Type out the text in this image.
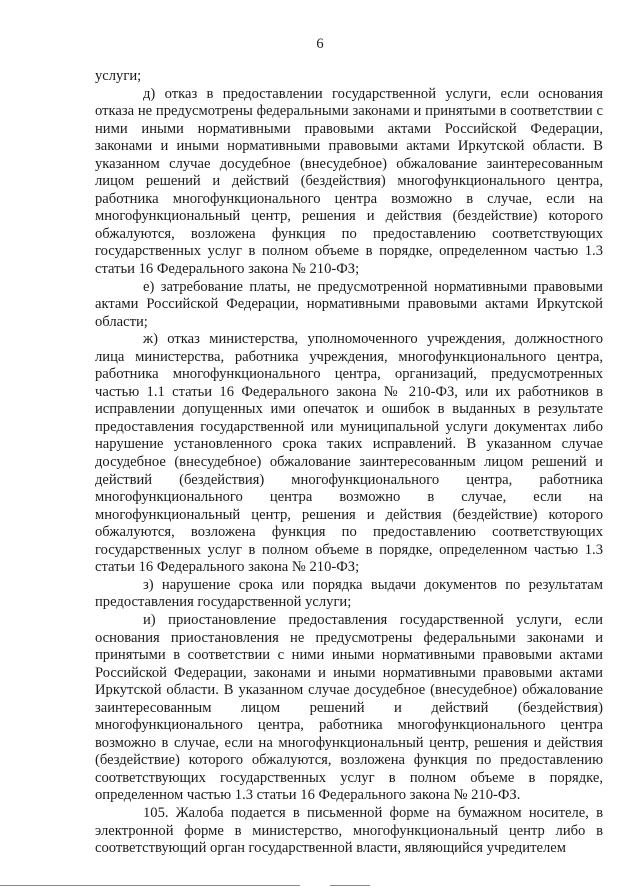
6

услуги;

д) отказ в предоставлении государственной услуги, если основания отказа не предусмотрены федеральными законами и принятыми в соответствии с ними иными нормативными правовыми актами Российской Федерации, законами и иными нормативными правовыми актами Иркутской области. В указанном случае досудебное (внесудебное) обжалование заинтересованным лицом решений и действий (бездействия) многофункционального центра, работника многофункционального центра возможно в случае, если на многофункциональный центр, решения и действия (бездействие) которого обжалуются, возложена функция по предоставлению соответствующих государственных услуг в полном объеме в порядке, определенном частью 1.3 статьи 16 Федерального закона № 210-ФЗ;

е) затребование платы, не предусмотренной нормативными правовыми актами Российской Федерации, нормативными правовыми актами Иркутской области;

ж) отказ министерства, уполномоченного учреждения, должностного лица министерства, работника учреждения, многофункционального центра, работника многофункционального центра, организаций, предусмотренных частью 1.1 статьи 16 Федерального закона № 210-ФЗ, или их работников в исправлении допущенных ими опечаток и ошибок в выданных в результате предоставления государственной или муниципальной услуги документах либо нарушение установленного срока таких исправлений. В указанном случае досудебное (внесудебное) обжалование заинтересованным лицом решений и действий (бездействия) многофункционального центра, работника многофункционального центра возможно в случае, если на многофункциональный центр, решения и действия (бездействие) которого обжалуются, возложена функция по предоставлению соответствующих государственных услуг в полном объеме в порядке, определенном частью 1.3 статьи 16 Федерального закона № 210-ФЗ;

з) нарушение срока или порядка выдачи документов по результатам предоставления государственной услуги;

и) приостановление предоставления государственной услуги, если основания приостановления не предусмотрены федеральными законами и принятыми в соответствии с ними иными нормативными правовыми актами Российской Федерации, законами и иными нормативными правовыми актами Иркутской области. В указанном случае досудебное (внесудебное) обжалование заинтересованным лицом решений и действий (бездействия) многофункционального центра, работника многофункционального центра возможно в случае, если на многофункциональный центр, решения и действия (бездействие) которого обжалуются, возложена функция по предоставлению соответствующих государственных услуг в полном объеме в порядке, определенном частью 1.3 статьи 16 Федерального закона № 210-ФЗ.

105. Жалоба подается в письменной форме на бумажном носителе, в электронной форме в министерство, многофункциональный центр либо в соответствующий орган государственной власти, являющийся учредителем
